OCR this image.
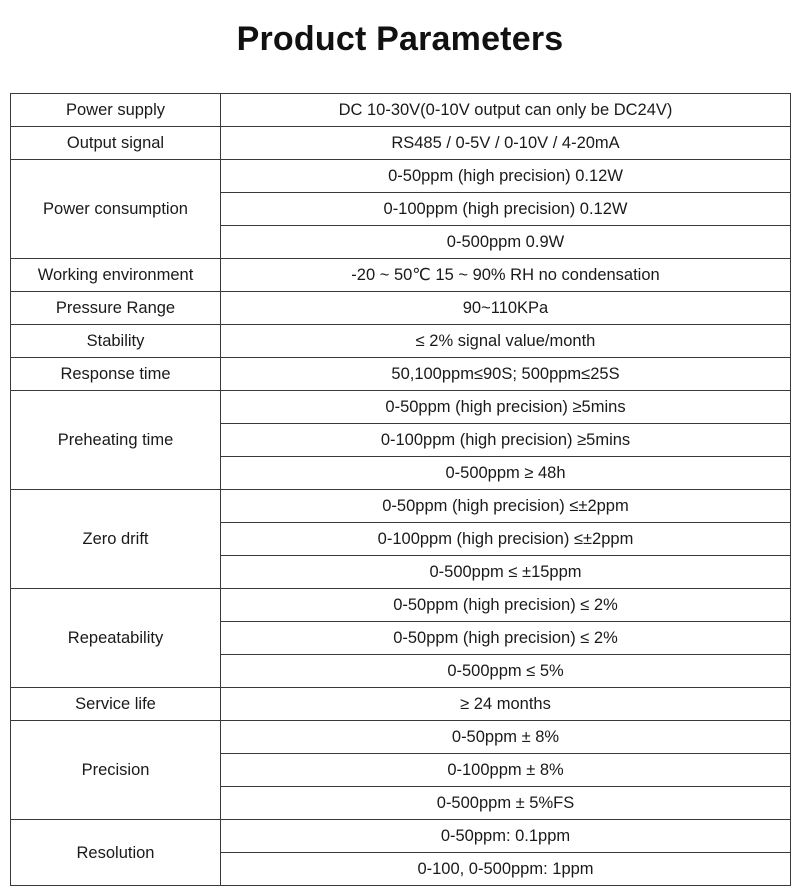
Product Parameters
Power supply	DC 10-30V(0-10V output can only be DC24V)
Output signal	RS485 / 0-5V / 0-10V / 4-20mA
Power consumption	0-50ppm (high precision) 0.12W
	0-100ppm (high precision) 0.12W
	0-500ppm 0.9W
Working environment	-20 ~ 50℃ 15 ~ 90% RH no condensation
Pressure Range	90~110KPa
Stability	≤ 2% signal value/month
Response time	50,100ppm≤90S; 500ppm≤25S
Preheating time	0-50ppm (high precision) ≥5mins
	0-100ppm (high precision) ≥5mins
	0-500ppm ≥ 48h
Zero drift	0-50ppm (high precision) ≤±2ppm
	0-100ppm (high precision) ≤±2ppm
	0-500ppm ≤ ±15ppm
Repeatability	0-50ppm (high precision) ≤ 2%
	0-50ppm (high precision) ≤ 2%
	0-500ppm ≤ 5%
Service life	≥ 24 months
Precision	0-50ppm ± 8%
	0-100ppm ± 8%
	0-500ppm ± 5%FS
Resolution	0-50ppm: 0.1ppm
	0-100, 0-500ppm: 1ppm
